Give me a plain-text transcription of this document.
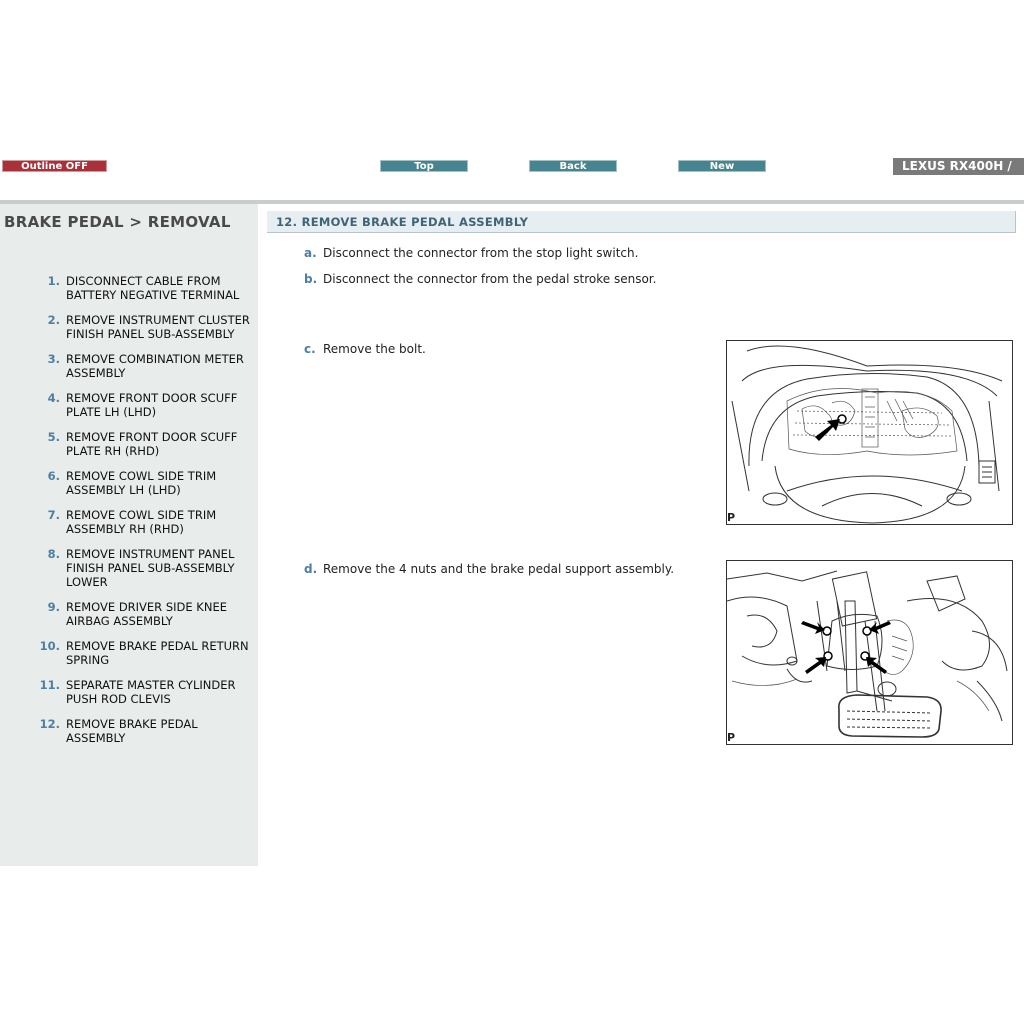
Outline OFF	Top	Back	New	LEXUS RX400H /
BRAKE PEDAL > REMOVAL
1. DISCONNECT CABLE FROM BATTERY NEGATIVE TERMINAL
2. REMOVE INSTRUMENT CLUSTER FINISH PANEL SUB-ASSEMBLY
3. REMOVE COMBINATION METER ASSEMBLY
4. REMOVE FRONT DOOR SCUFF PLATE LH (LHD)
5. REMOVE FRONT DOOR SCUFF PLATE RH (RHD)
6. REMOVE COWL SIDE TRIM ASSEMBLY LH (LHD)
7. REMOVE COWL SIDE TRIM ASSEMBLY RH (RHD)
8. REMOVE INSTRUMENT PANEL FINISH PANEL SUB-ASSEMBLY LOWER
9. REMOVE DRIVER SIDE KNEE AIRBAG ASSEMBLY
10. REMOVE BRAKE PEDAL RETURN SPRING
11. SEPARATE MASTER CYLINDER PUSH ROD CLEVIS
12. REMOVE BRAKE PEDAL ASSEMBLY
12. REMOVE BRAKE PEDAL ASSEMBLY
a. Disconnect the connector from the stop light switch.
b. Disconnect the connector from the pedal stroke sensor.
c. Remove the bolt.
d. Remove the 4 nuts and the brake pedal support assembly.
P
P
